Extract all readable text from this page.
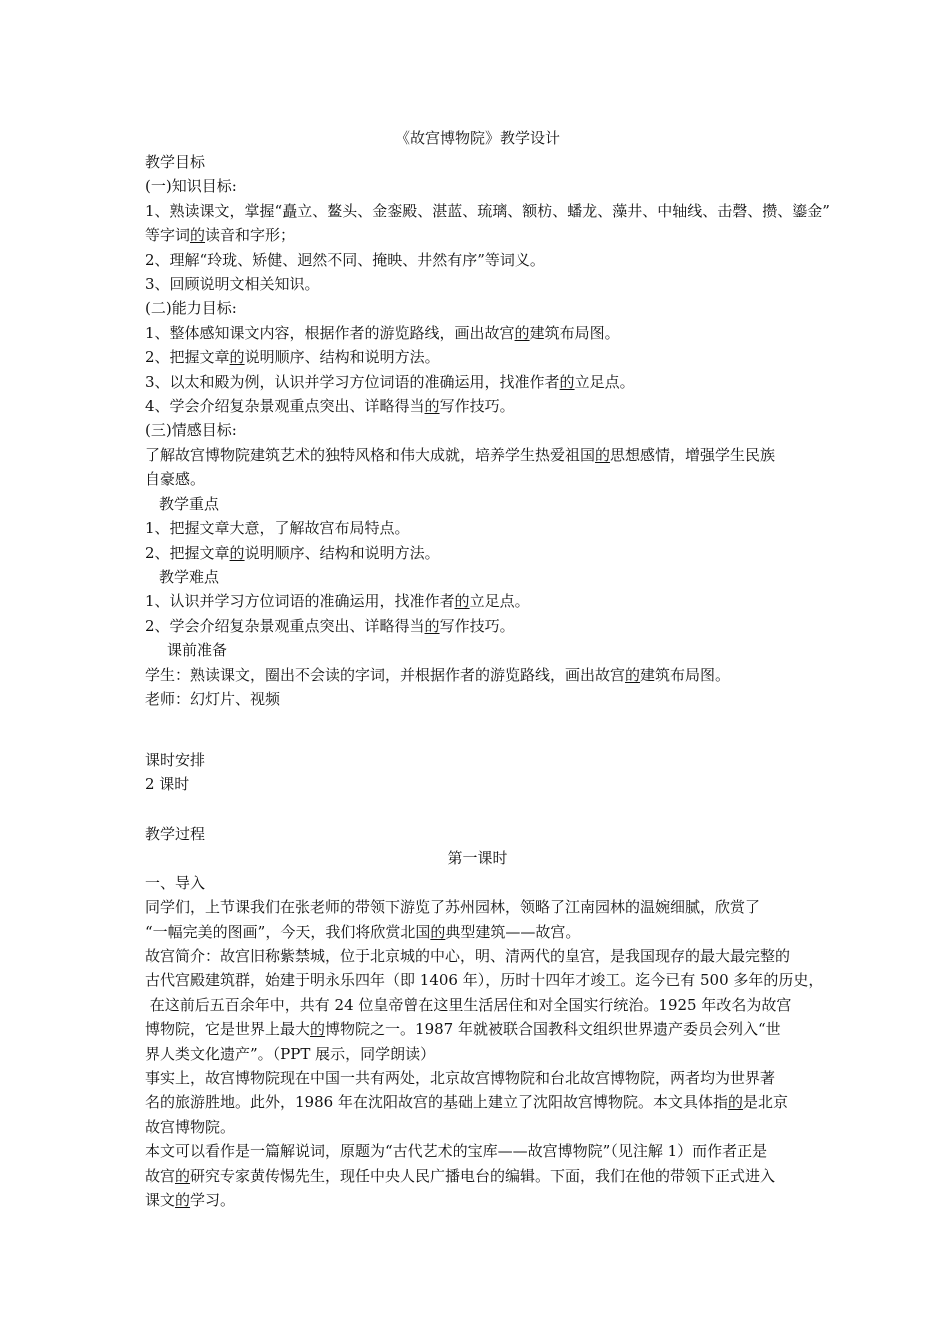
《故宫博物院》教学设计
教学目标
(一)知识目标:
1、熟读课文，掌握“矗立、鳌头、金銮殿、湛蓝、琉璃、额枋、蟠龙、藻井、中轴线、击磬、攒、鎏金”
等字词的读音和字形；
2、理解“玲珑、矫健、迥然不同、掩映、井然有序”等词义。
3、回顾说明文相关知识。
(二)能力目标:
1、整体感知课文内容，根据作者的游览路线，画出故宫的建筑布局图。
2、把握文章的说明顺序、结构和说明方法。
3、以太和殿为例，认识并学习方位词语的准确运用，找准作者的立足点。
4、学会介绍复杂景观重点突出、详略得当的写作技巧。
(三)情感目标:
了解故宫博物院建筑艺术的独特风格和伟大成就，培养学生热爱祖国的思想感情，增强学生民族
自豪感。
教学重点
1、把握文章大意，了解故宫布局特点。
2、把握文章的说明顺序、结构和说明方法。
教学难点
1、认识并学习方位词语的准确运用，找准作者的立足点。
2、学会介绍复杂景观重点突出、详略得当的写作技巧。
课前准备
学生：熟读课文，圈出不会读的字词，并根据作者的游览路线，画出故宫的建筑布局图。
老师：幻灯片、视频
课时安排
2 课时
教学过程
第一课时
一、导入
同学们，上节课我们在张老师的带领下游览了苏州园林，领略了江南园林的温婉细腻，欣赏了
“一幅完美的图画”，今天，我们将欣赏北国的典型建筑——故宫。
故宫简介：故宫旧称紫禁城，位于北京城的中心，明、清两代的皇宫，是我国现存的最大最完整的
古代宫殿建筑群，始建于明永乐四年（即 1406 年），历时十四年才竣工。迄今已有 500 多年的历史，
在这前后五百余年中，共有 24 位皇帝曾在这里生活居住和对全国实行统治。1925 年改名为故宫
博物院，它是世界上最大的博物院之一。1987 年就被联合国教科文组织世界遗产委员会列入“世
界人类文化遗产”。（PPT 展示，同学朗读）
事实上，故宫博物院现在中国一共有两处，北京故宫博物院和台北故宫博物院，两者均为世界著
名的旅游胜地。此外，1986 年在沈阳故宫的基础上建立了沈阳故宫博物院。本文具体指的是北京
故宫博物院。
本文可以看作是一篇解说词，原题为“古代艺术的宝库——故宫博物院”（见注解 1）而作者正是
故宫的研究专家黄传惕先生，现任中央人民广播电台的编辑。下面，我们在他的带领下正式进入
课文的学习。
